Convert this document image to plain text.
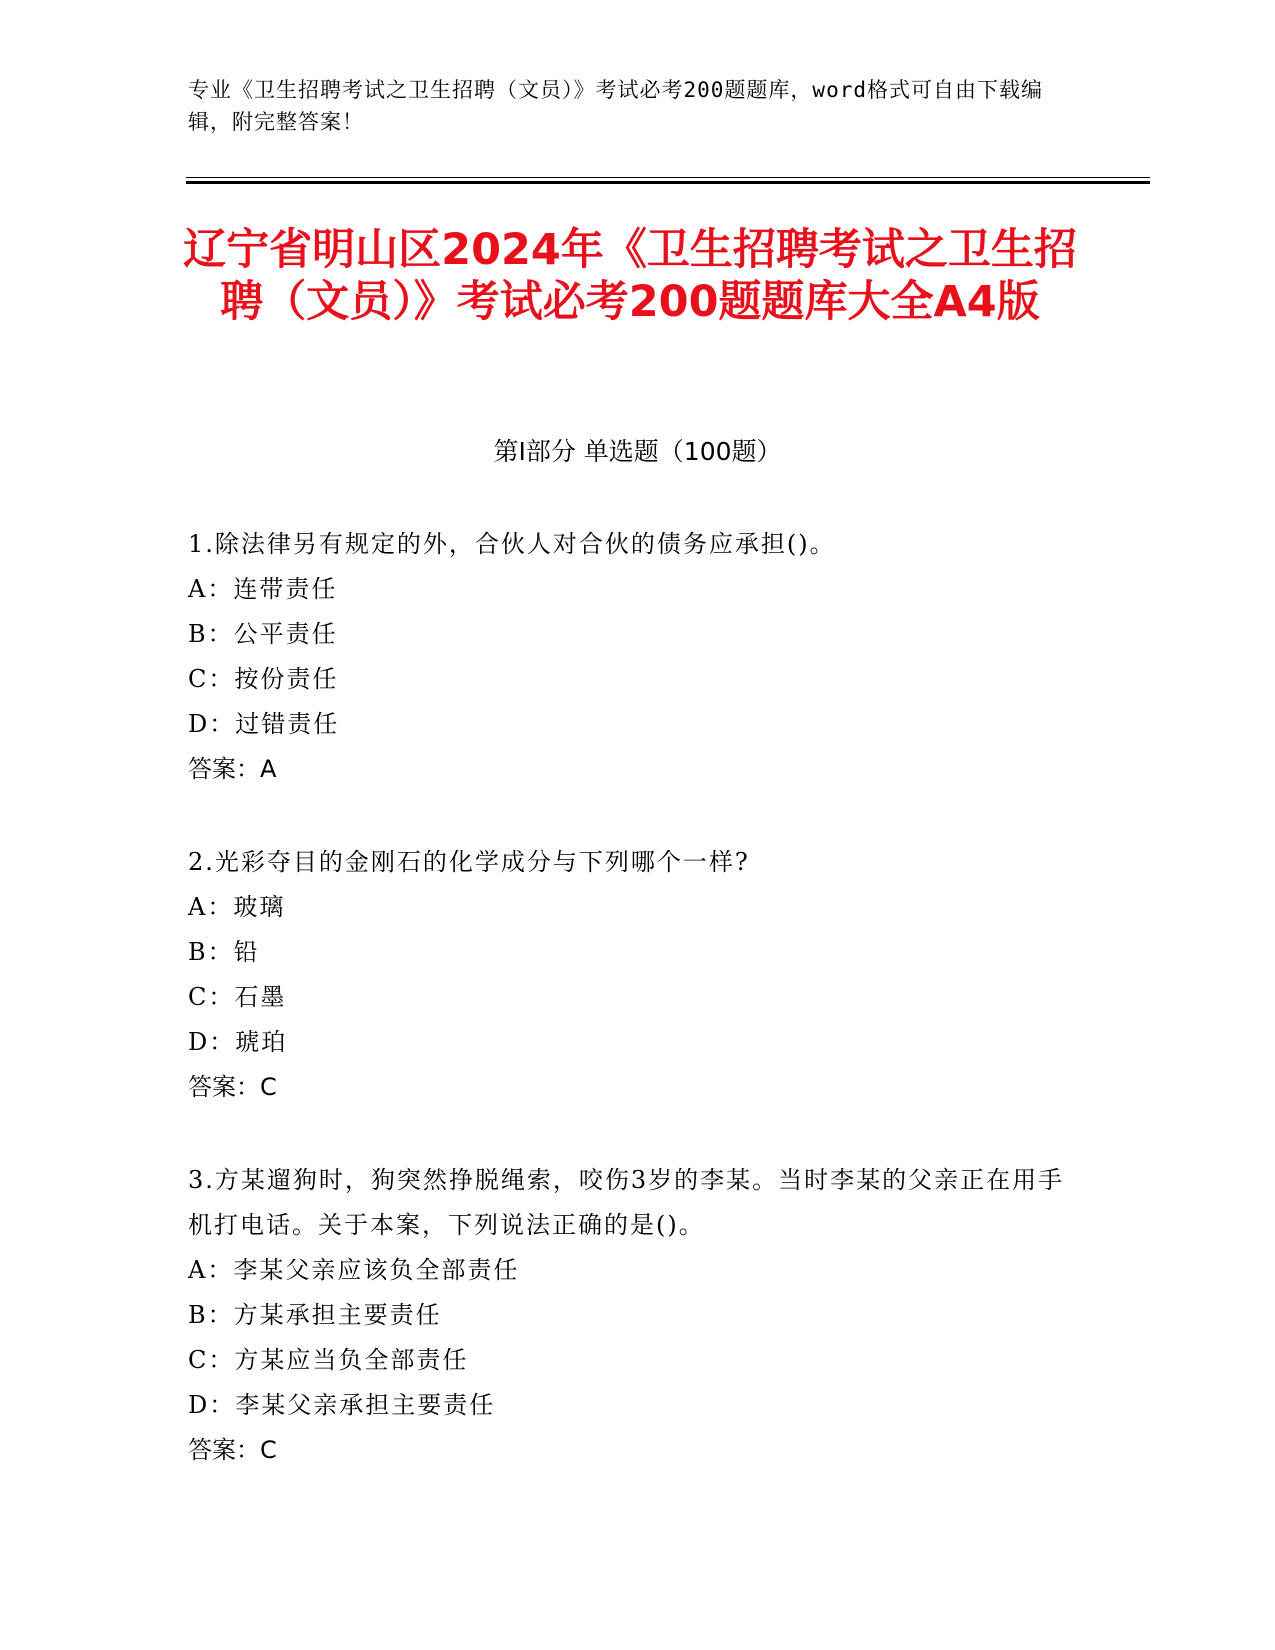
专业《卫生招聘考试之卫生招聘（文员）》考试必考200题题库，word格式可自由下载编辑，附完整答案！
辽宁省明山区2024年《卫生招聘考试之卫生招聘（文员）》考试必考200题题库大全A4版
第I部分 单选题（100题）
1.除法律另有规定的外，合伙人对合伙的债务应承担()。
A：连带责任
B：公平责任
C：按份责任
D：过错责任
答案：A
2.光彩夺目的金刚石的化学成分与下列哪个一样?
A：玻璃
B：铅
C：石墨
D：琥珀
答案：C
3.方某遛狗时，狗突然挣脱绳索，咬伤3岁的李某。当时李某的父亲正在用手机打电话。关于本案，下列说法正确的是()。
A：李某父亲应该负全部责任
B：方某承担主要责任
C：方某应当负全部责任
D：李某父亲承担主要责任
答案：C
